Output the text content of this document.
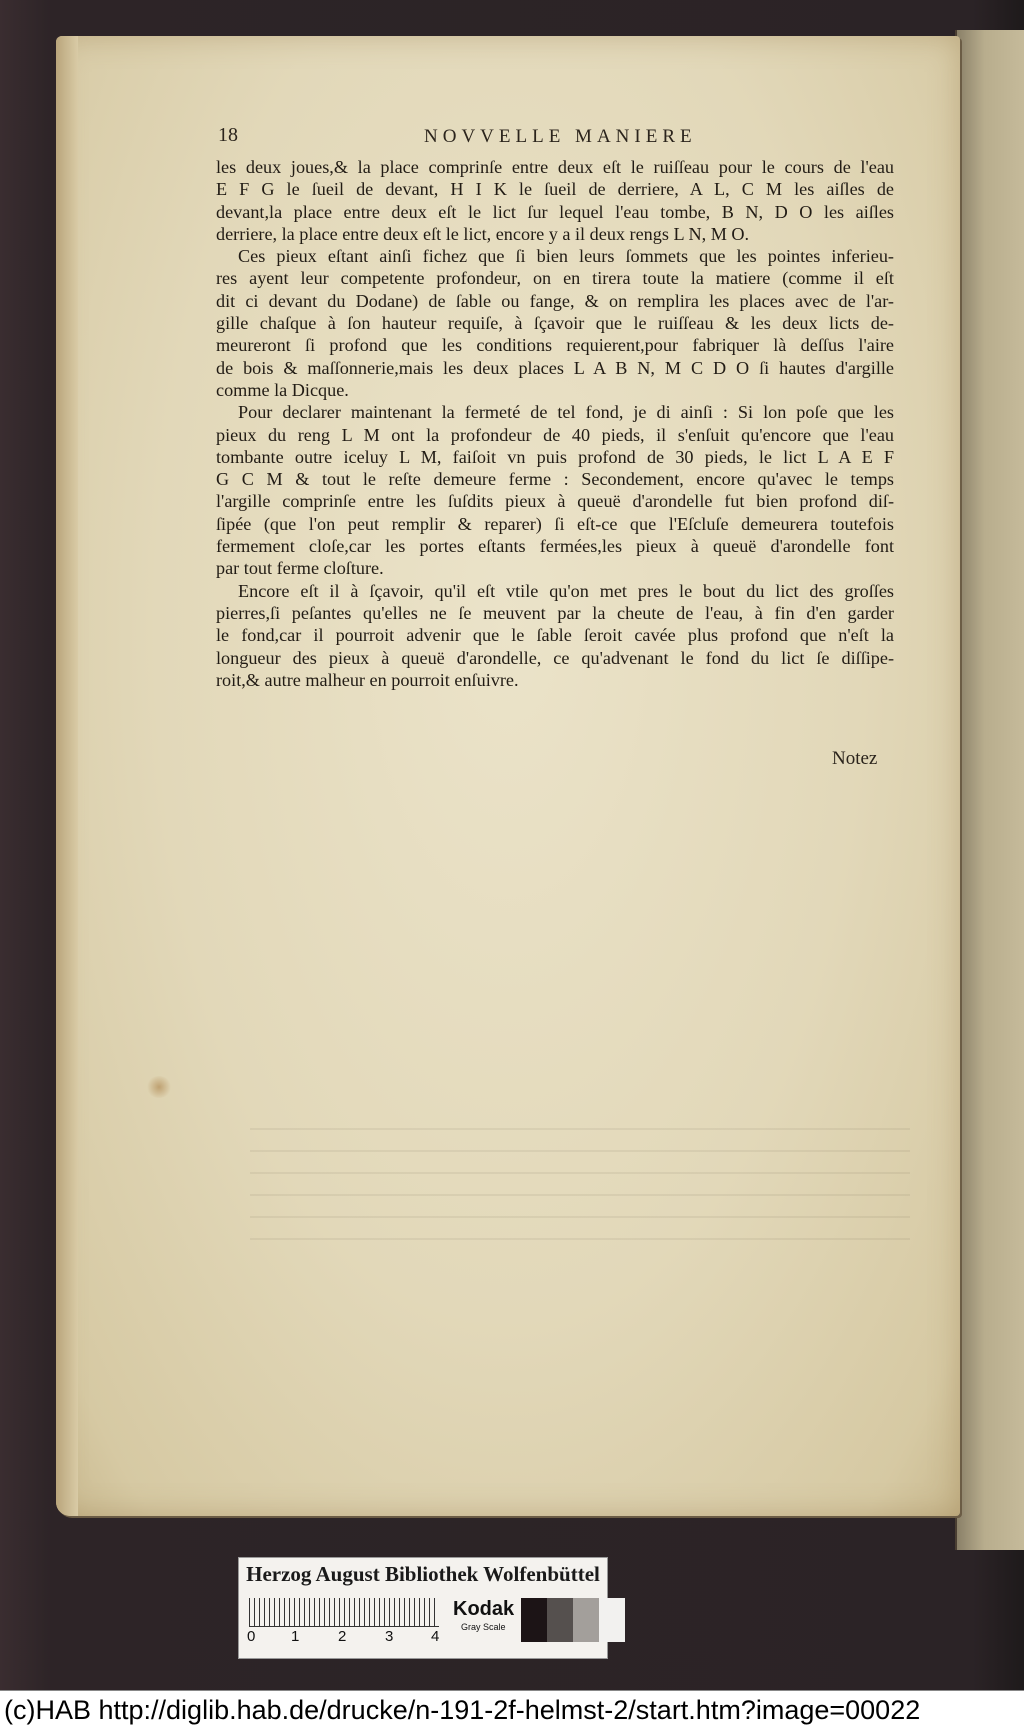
18	NOVVELLE MANIERE
les deux joues,& la place comprinſe entre deux eſt le ruiſſeau pour le cours de l'eau
E F G le ſueil de devant, H I K le ſueil de derriere, A L, C M les aiſles de
devant,la place entre deux eſt le lict ſur lequel l'eau tombe, B N, D O les aiſles
derriere, la place entre deux eſt le lict, encore y a il deux rengs L N, M O.
Ces pieux eſtant ainſi fichez que ſi bien leurs ſommets que les pointes inferieu-
res ayent leur competente profondeur, on en tirera toute la matiere (comme il eſt
dit ci devant du Dodane) de ſable ou fange, & on remplira les places avec de l'ar-
gille chaſque à ſon hauteur requiſe, à ſçavoir que le ruiſſeau & les deux licts de-
meureront ſi profond que les conditions requierent,pour fabriquer là deſſus l'aire
de bois & maſſonnerie,mais les deux places L A B N, M C D O ſi hautes d'argille
comme la Dicque.
Pour declarer maintenant la fermeté de tel fond, je di ainſi : Si lon poſe que les
pieux du reng L M ont la profondeur de 40 pieds, il s'enſuit qu'encore que l'eau
tombante outre iceluy L M, faiſoit vn puis profond de 30 pieds, le lict L A E F
G C M & tout le reſte demeure ferme : Secondement, encore qu'avec le temps
l'argille comprinſe entre les ſuſdits pieux à queuë d'arondelle fut bien profond diſ-
ſipée (que l'on peut remplir & reparer) ſi eſt-ce que l'Eſcluſe demeurera toutefois
fermement cloſe,car les portes eſtants fermées,les pieux à queuë d'arondelle font
par tout ferme cloſture.
Encore eſt il à ſçavoir, qu'il eſt vtile qu'on met pres le bout du lict des groſſes
pierres,ſi peſantes qu'elles ne ſe meuvent par la cheute de l'eau, à fin d'en garder
le fond,car il pourroit advenir que le ſable ſeroit cavée plus profond que n'eſt la
longueur des pieux à queuë d'arondelle, ce qu'advenant le fond du lict ſe diſſipe-
roit,& autre malheur en pourroit enſuivre.
Notez
Herzog August Bibliothek Wolfenbüttel
0 1	2	3	4
Kodak
Gray Scale
(c)HAB http://diglib.hab.de/drucke/n-191-2f-helmst-2/start.htm?image=00022
